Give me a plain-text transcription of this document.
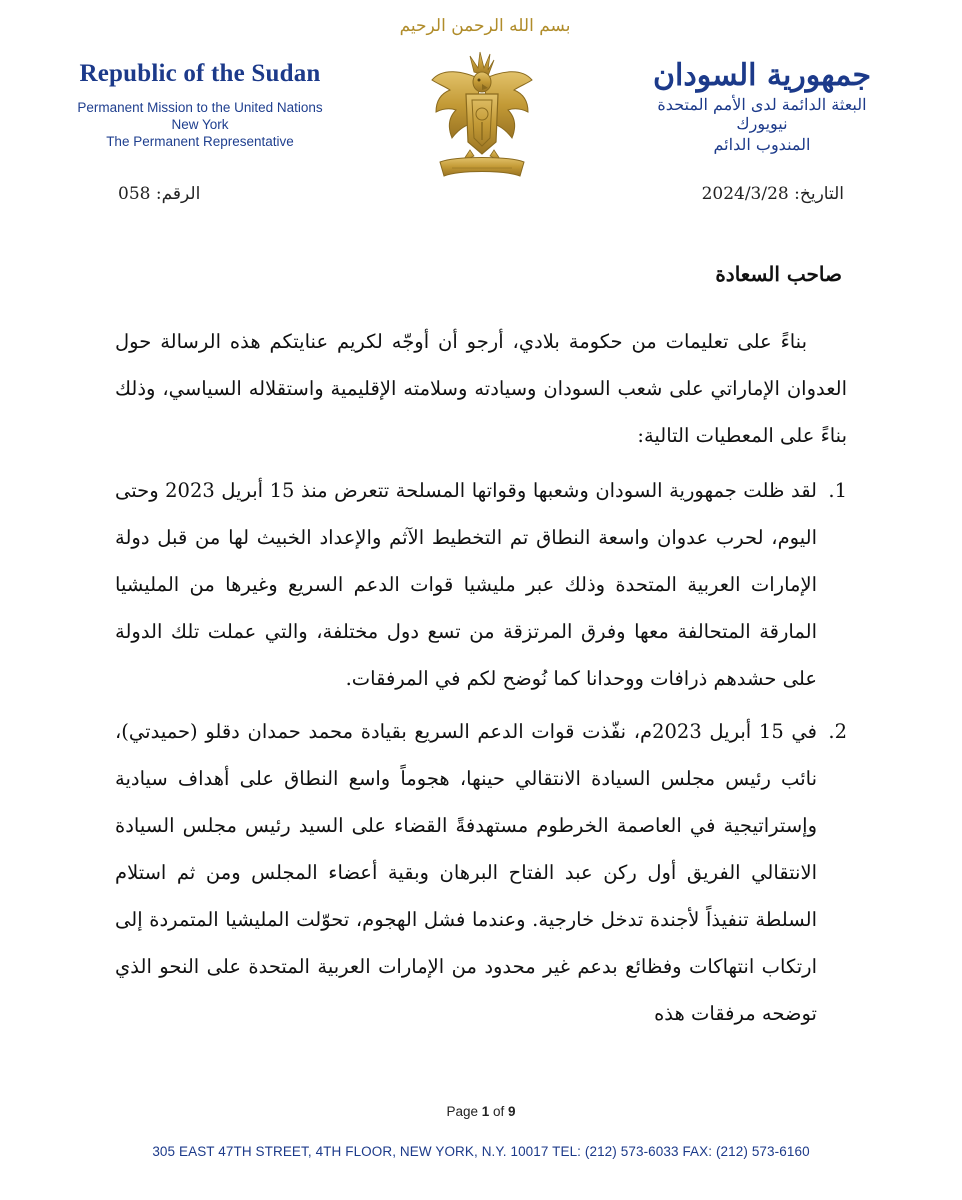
Republic of the Sudan
Permanent Mission to the United Nations
New York
The Permanent Representative
بسم الله الرحمن الرحيم
جمهورية السودان
البعثة الدائمة لدى الأمم المتحدة
نيويورك
المندوب الدائم
الرقم: 058	التاريخ: 2024/3/28
صاحب السعادة

بناءً على تعليمات من حكومة بلادي، أرجو أن أوجّه لكريم عنايتكم هذه الرسالة حول العدوان الإماراتي على شعب السودان وسيادته وسلامته الإقليمية واستقلاله السياسي، وذلك بناءً على المعطيات التالية:

1.
لقد ظلت جمهورية السودان وشعبها وقواتها المسلحة تتعرض منذ 15 أبريل 2023 وحتى اليوم، لحرب عدوان واسعة النطاق تم التخطيط الآثم والإعداد الخبيث لها من قبل دولة الإمارات العربية المتحدة وذلك عبر مليشيا قوات الدعم السريع وغيرها من المليشيا المارقة المتحالفة معها وفرق المرتزقة من تسع دول مختلفة، والتي عملت تلك الدولة على حشدهم ذرافات ووحدانا كما نُوضح لكم في المرفقات.
2.
في 15 أبريل 2023م، نفّذت قوات الدعم السريع بقيادة محمد حمدان دقلو (حميدتي)، نائب رئيس مجلس السيادة الانتقالي حينها، هجوماً واسع النطاق على أهداف سيادية وإستراتيجية في العاصمة الخرطوم مستهدفةً القضاء على السيد رئيس مجلس السيادة الانتقالي الفريق أول ركن عبد الفتاح البرهان وبقية أعضاء المجلس ومن ثم استلام السلطة تنفيذاً لأجندة تدخل خارجية. وعندما فشل الهجوم، تحوّلت المليشيا المتمردة إلى ارتكاب انتهاكات وفظائع بدعم غير محدود من الإمارات العربية المتحدة على النحو الذي توضحه مرفقات هذه
Page 1 of 9
305 EAST 47TH STREET, 4TH FLOOR, NEW YORK, N.Y. 10017 TEL: (212) 573-6033 FAX: (212) 573-6160
